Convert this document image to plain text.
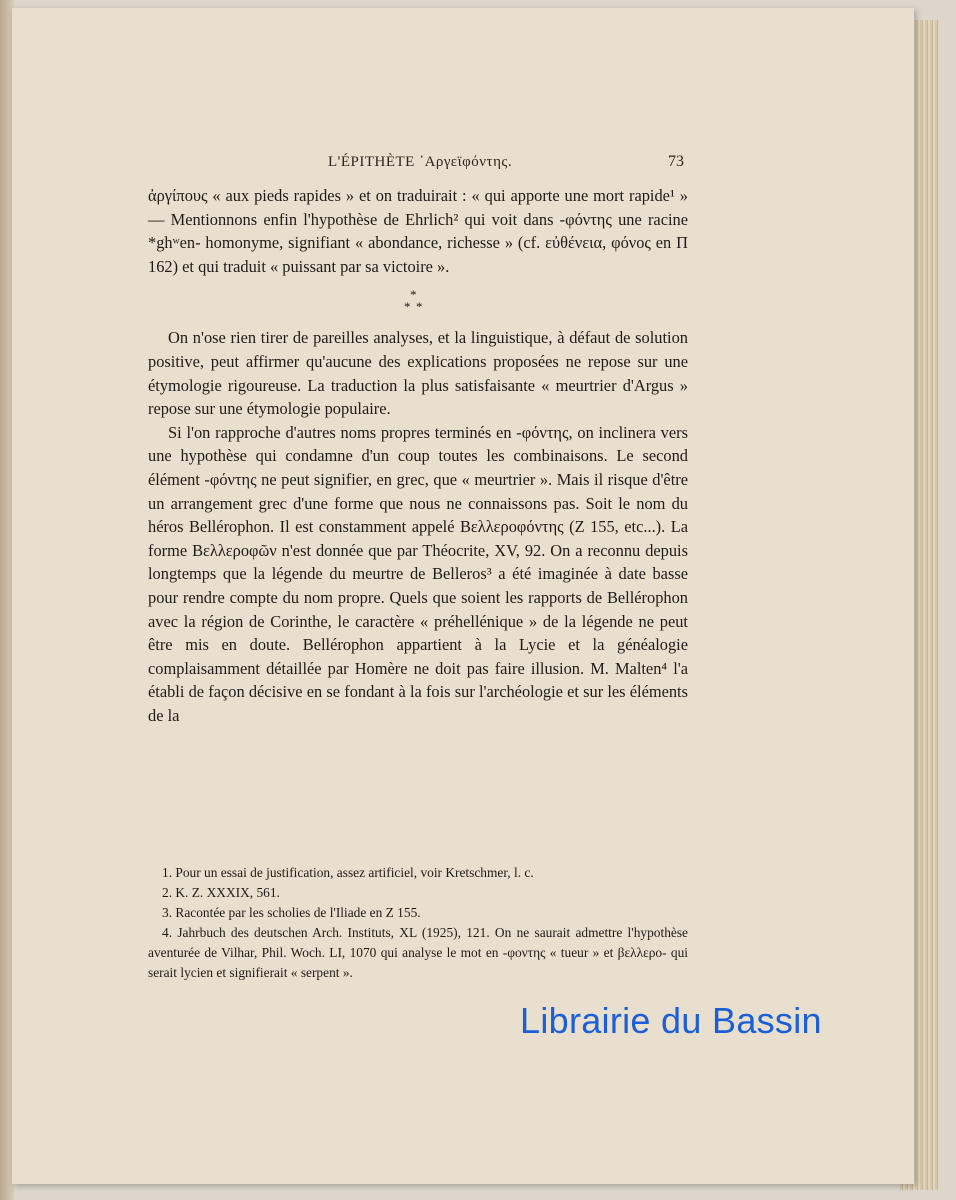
L'ÉPITHÈTE ᾿Αργεϊφόντης.	73

ἀργίπους « aux pieds rapides » et on traduirait : « qui apporte une mort rapide¹ » — Mentionnons enfin l'hypothèse de Ehrlich² qui voit dans -φόντης une racine *ghʷen- homonyme, signifiant « abondance, richesse » (cf. εὐθένεια, φόνος en Π 162) et qui traduit « puissant par sa victoire ».

*
* *

On n'ose rien tirer de pareilles analyses, et la linguistique, à défaut de solution positive, peut affirmer qu'aucune des explications proposées ne repose sur une étymologie rigoureuse. La traduction la plus satisfaisante « meurtrier d'Argus » repose sur une étymologie populaire.

Si l'on rapproche d'autres noms propres terminés en -φόντης, on inclinera vers une hypothèse qui condamne d'un coup toutes les combinaisons. Le second élément -φόντης ne peut signifier, en grec, que « meurtrier ». Mais il risque d'être un arrangement grec d'une forme que nous ne connaissons pas. Soit le nom du héros Bellérophon. Il est constamment appelé Βελλεροφόντης (Z 155, etc...). La forme Βελλεροφῶν n'est donnée que par Théocrite, XV, 92. On a reconnu depuis longtemps que la légende du meurtre de Belleros³ a été imaginée à date basse pour rendre compte du nom propre. Quels que soient les rapports de Bellérophon avec la région de Corinthe, le caractère « préhellénique » de la légende ne peut être mis en doute. Bellérophon appartient à la Lycie et la généalogie complaisamment détaillée par Homère ne doit pas faire illusion. M. Malten⁴ l'a établi de façon décisive en se fondant à la fois sur l'archéologie et sur les éléments de la

1. Pour un essai de justification, assez artificiel, voir Kretschmer, l. c.

2. K. Z. XXXIX, 561.

3. Racontée par les scholies de l'Iliade en Z 155.

4. Jahrbuch des deutschen Arch. Instituts, XL (1925), 121. On ne saurait admettre l'hypothèse aventurée de Vilhar, Phil. Woch. LI, 1070 qui analyse le mot en -φοντης « tueur » et βελλερο- qui serait lycien et signifierait « serpent ».

Librairie du Bassin
